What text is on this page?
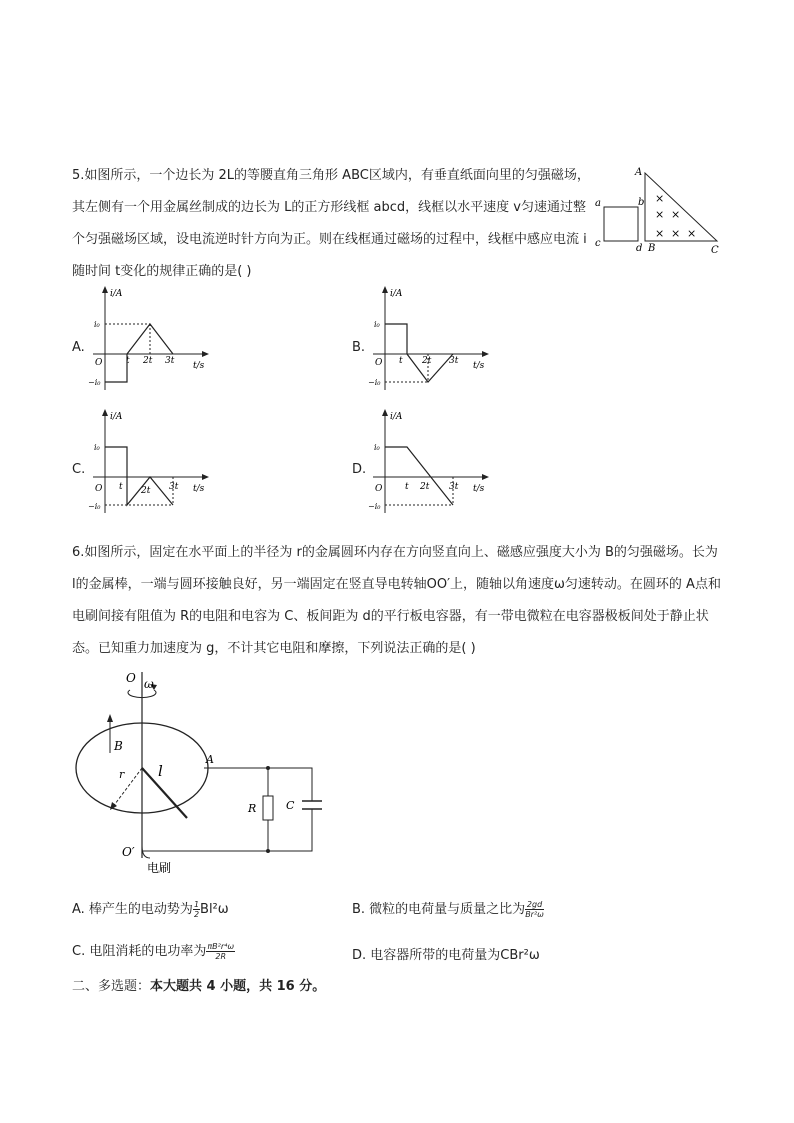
5.如图所示，一个边长为 2L的等腰直角三角形 ABC区域内，有垂直纸面向里的匀强磁场，其左侧有一个用金属丝制成的边长为 L的正方形线框 abcd，线框以水平速度 v匀速通过整个匀强磁场区域，设电流逆时针方向为正。则在线框通过磁场的过程中，线框中感应电流 i随时间 t变化的规律正确的是( )
A
b
a
c	d B	C
×
× ×
× × ×
A.
i/A
t/s
O
i₀
−i₀
t 2t 3t
B.
i/A
t/s
O
i₀
−i₀
t 2t 3t
C.
i/A
t/s
O
i₀
−i₀
t 2t 3t
D.
i/A
t/s
O
i₀
−i₀
t 2t 3t
6.如图所示，固定在水平面上的半径为 r的金属圆环内存在方向竖直向上、磁感应强度大小为 B的匀强磁场。长为 l的金属棒，一端与圆环接触良好，另一端固定在竖直导电转轴OO′上，随轴以角速度ω匀速转动。在圆环的 A点和电刷间接有阻值为 R的电阻和电容为 C、板间距为 d的平行板电容器，有一带电微粒在电容器极板间处于静止状态。已知重力加速度为 g，不计其它电阻和摩擦，下列说法正确的是( )
O ω
B
r l
A
R	C
O′
电刷
A. 棒产生的电动势为 $\frac{1}{2} Bl^2\omega$	B. 微粒的电荷量与质量之比为 $\frac{2gd}{\text{Br²ω}}$
C. 电阻消耗的电功率为 $\frac{\text{πB²r⁴ω}}{2R}$	D. 电容器所带的电荷量为CBr²ω
二、多选题：本大题共 4 小题，共 16 分。
